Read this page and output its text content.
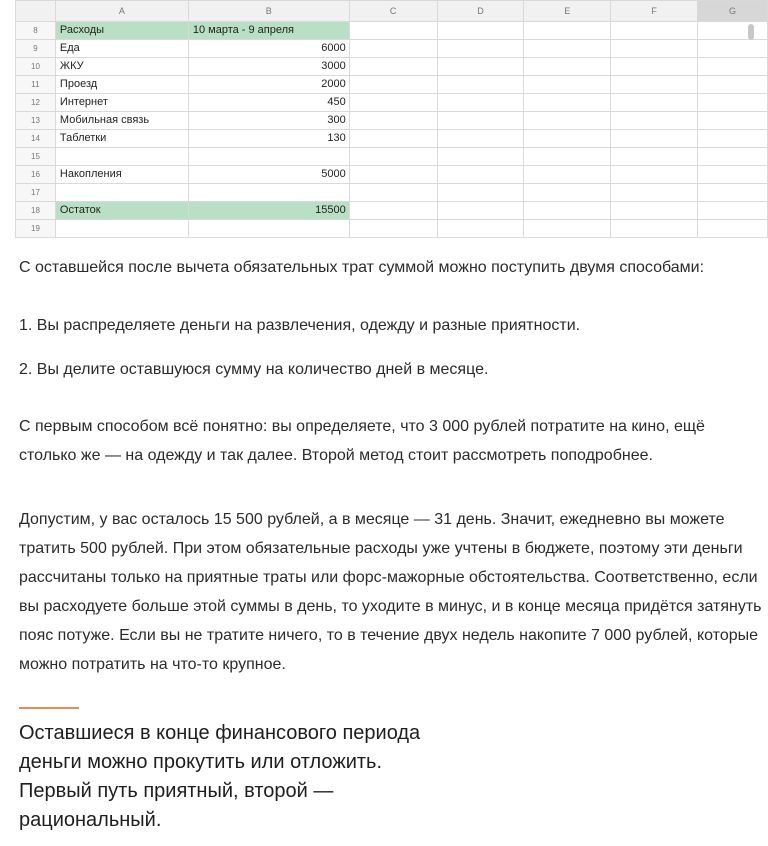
	A	B	C	D	E	F	G
8	Расходы	10 марта - 9 апреля					
9	Еда	6000					
10	ЖКУ	3000					
11	Проезд	2000					
12	Интернет	450					
13	Мобильная связь	300					
14	Таблетки	130					
15							
16	Накопления	5000					
17							
18	Остаток	15500					
19							

С оставшейся после вычета обязательных трат суммой можно поступить двумя способами:

1. Вы распределяете деньги на развлечения, одежду и разные приятности.

2. Вы делите оставшуюся сумму на количество дней в месяце.

С первым способом всё понятно: вы определяете, что 3 000 рублей потратите на кино, ещё столько же — на одежду и так далее. Второй метод стоит рассмотреть поподробнее.

Допустим, у вас осталось 15 500 рублей, а в месяце — 31 день. Значит, ежедневно вы можете тратить 500 рублей. При этом обязательные расходы уже учтены в бюджете, поэтому эти деньги рассчитаны только на приятные траты или форс-мажорные обстоятельства. Соответственно, если вы расходуете больше этой суммы в день, то уходите в минус, и в конце месяца придётся затянуть пояс потуже. Если вы не тратите ничего, то в течение двух недель накопите 7 000 рублей, которые можно потратить на что-то крупное.

Оставшиеся в конце финансового периода
деньги можно прокутить или отложить.
Первый путь приятный, второй —
рациональный.
